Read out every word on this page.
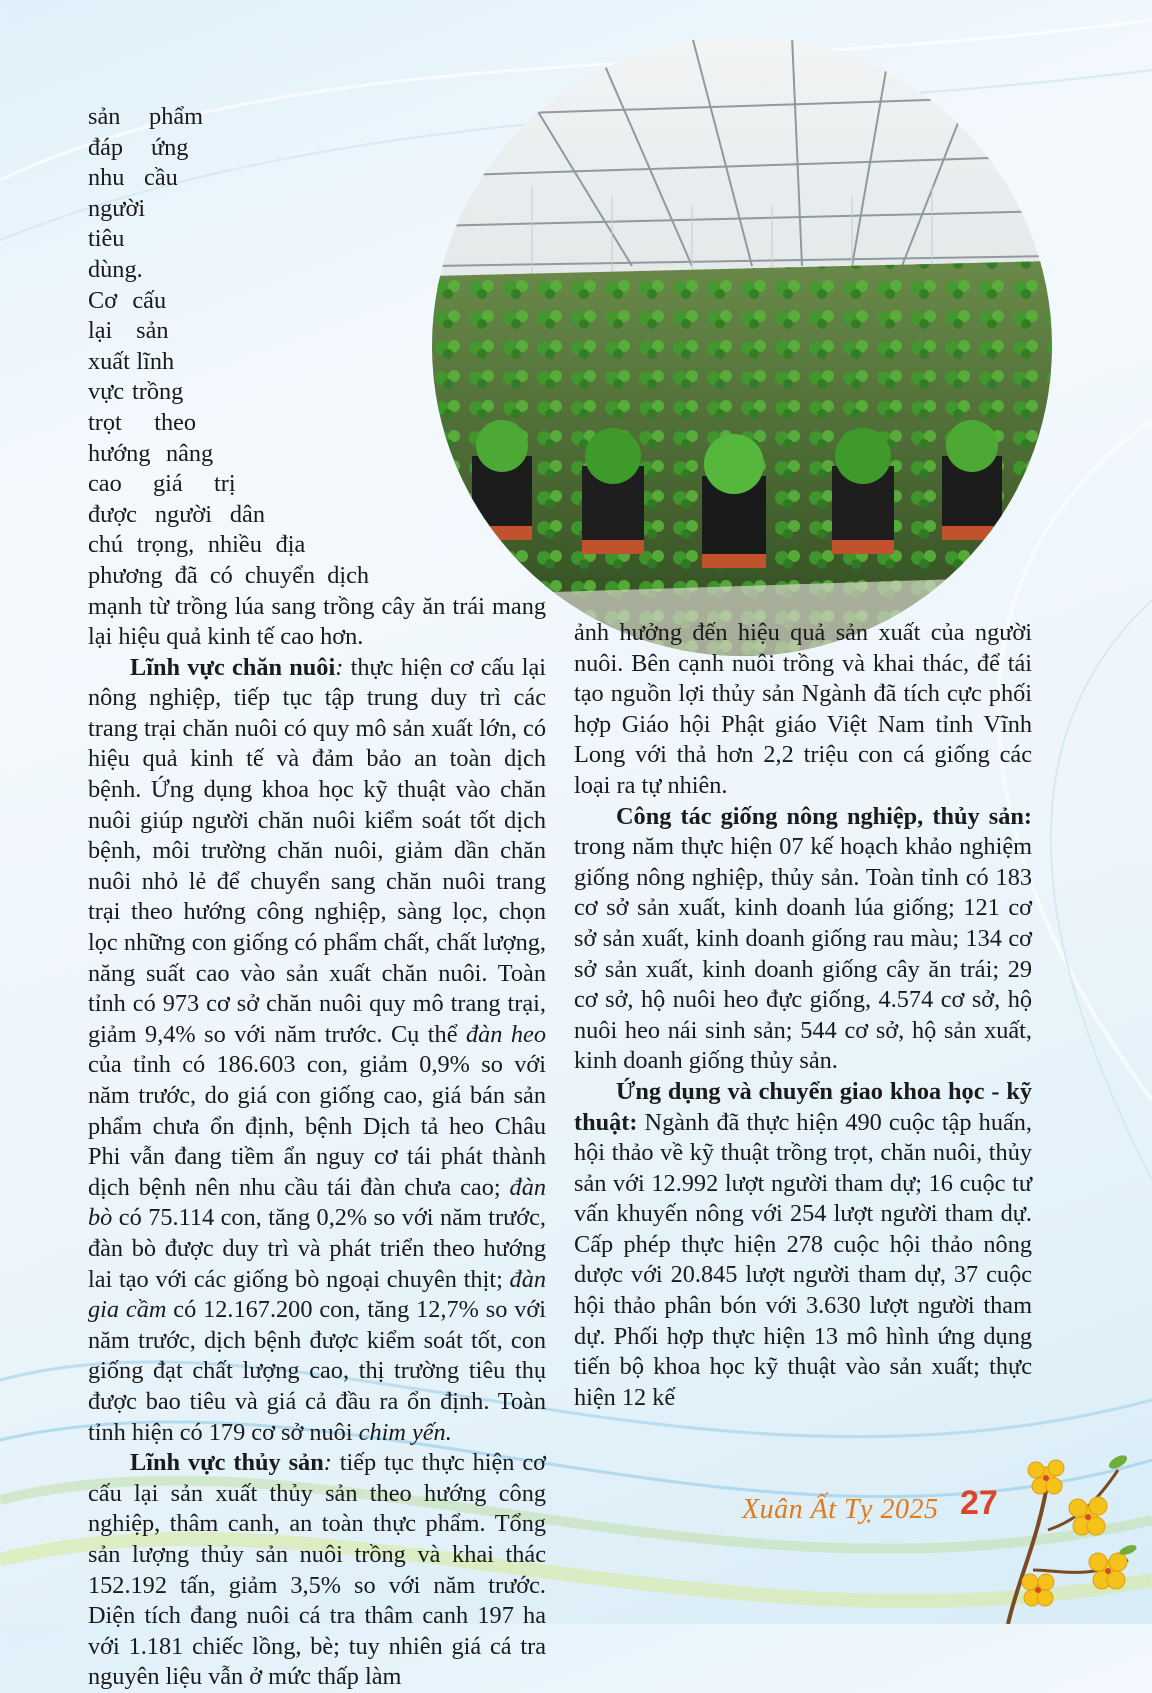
sản phẩm đáp ứng nhu cầu người tiêu dùng. Cơ cấu lại sản xuất lĩnh vực trồng trọt theo hướng nâng cao giá trị được người dân chú trọng, nhiều địa phương đã có chuyển dịch mạnh từ trồng lúa sang trồng cây ăn trái mang lại hiệu quả kinh tế cao hơn.

Lĩnh vực chăn nuôi: thực hiện cơ cấu lại nông nghiệp, tiếp tục tập trung duy trì các trang trại chăn nuôi có quy mô sản xuất lớn, có hiệu quả kinh tế và đảm bảo an toàn dịch bệnh. Ứng dụng khoa học kỹ thuật vào chăn nuôi giúp người chăn nuôi kiểm soát tốt dịch bệnh, môi trường chăn nuôi, giảm dần chăn nuôi nhỏ lẻ để chuyển sang chăn nuôi trang trại theo hướng công nghiệp, sàng lọc, chọn lọc những con giống có phẩm chất, chất lượng, năng suất cao vào sản xuất chăn nuôi. Toàn tỉnh có 973 cơ sở chăn nuôi quy mô trang trại, giảm 9,4% so với năm trước. Cụ thể đàn heo của tỉnh có 186.603 con, giảm 0,9% so với năm trước, do giá con giống cao, giá bán sản phẩm chưa ổn định, bệnh Dịch tả heo Châu Phi vẫn đang tiềm ẩn nguy cơ tái phát thành dịch bệnh nên nhu cầu tái đàn chưa cao; đàn bò có 75.114 con, tăng 0,2% so với năm trước, đàn bò được duy trì và phát triển theo hướng lai tạo với các giống bò ngoại chuyên thịt; đàn gia cầm có 12.167.200 con, tăng 12,7% so với năm trước, dịch bệnh được kiểm soát tốt, con giống đạt chất lượng cao, thị trường tiêu thụ được bao tiêu và giá cả đầu ra ổn định. Toàn tỉnh hiện có 179 cơ sở nuôi chim yến.

Lĩnh vực thủy sản: tiếp tục thực hiện cơ cấu lại sản xuất thủy sản theo hướng công nghiệp, thâm canh, an toàn thực phẩm. Tổng sản lượng thủy sản nuôi trồng và khai thác 152.192 tấn, giảm 3,5% so với năm trước. Diện tích đang nuôi cá tra thâm canh 197 ha với 1.181 chiếc lồng, bè; tuy nhiên giá cá tra nguyên liệu vẫn ở mức thấp làm

ảnh hưởng đến hiệu quả sản xuất của người nuôi. Bên cạnh nuôi trồng và khai thác, để tái tạo nguồn lợi thủy sản Ngành đã tích cực phối hợp Giáo hội Phật giáo Việt Nam tỉnh Vĩnh Long với thả hơn 2,2 triệu con cá giống các loại ra tự nhiên.

Công tác giống nông nghiệp, thủy sản: trong năm thực hiện 07 kế hoạch khảo nghiệm giống nông nghiệp, thủy sản. Toàn tỉnh có 183 cơ sở sản xuất, kinh doanh lúa giống; 121 cơ sở sản xuất, kinh doanh giống rau màu; 134 cơ sở sản xuất, kinh doanh giống cây ăn trái; 29 cơ sở, hộ nuôi heo đực giống, 4.574 cơ sở, hộ nuôi heo nái sinh sản; 544 cơ sở, hộ sản xuất, kinh doanh giống thủy sản.

Ứng dụng và chuyển giao khoa học - kỹ thuật: Ngành đã thực hiện 490 cuộc tập huấn, hội thảo về kỹ thuật trồng trọt, chăn nuôi, thủy sản với 12.992 lượt người tham dự; 16 cuộc tư vấn khuyến nông với 254 lượt người tham dự. Cấp phép thực hiện 278 cuộc hội thảo nông dược với 20.845 lượt người tham dự, 37 cuộc hội thảo phân bón với 3.630 lượt người tham dự. Phối hợp thực hiện 13 mô hình ứng dụng tiến bộ khoa học kỹ thuật vào sản xuất; thực hiện 12 kế

Xuân Ất Tỵ 2025 27
